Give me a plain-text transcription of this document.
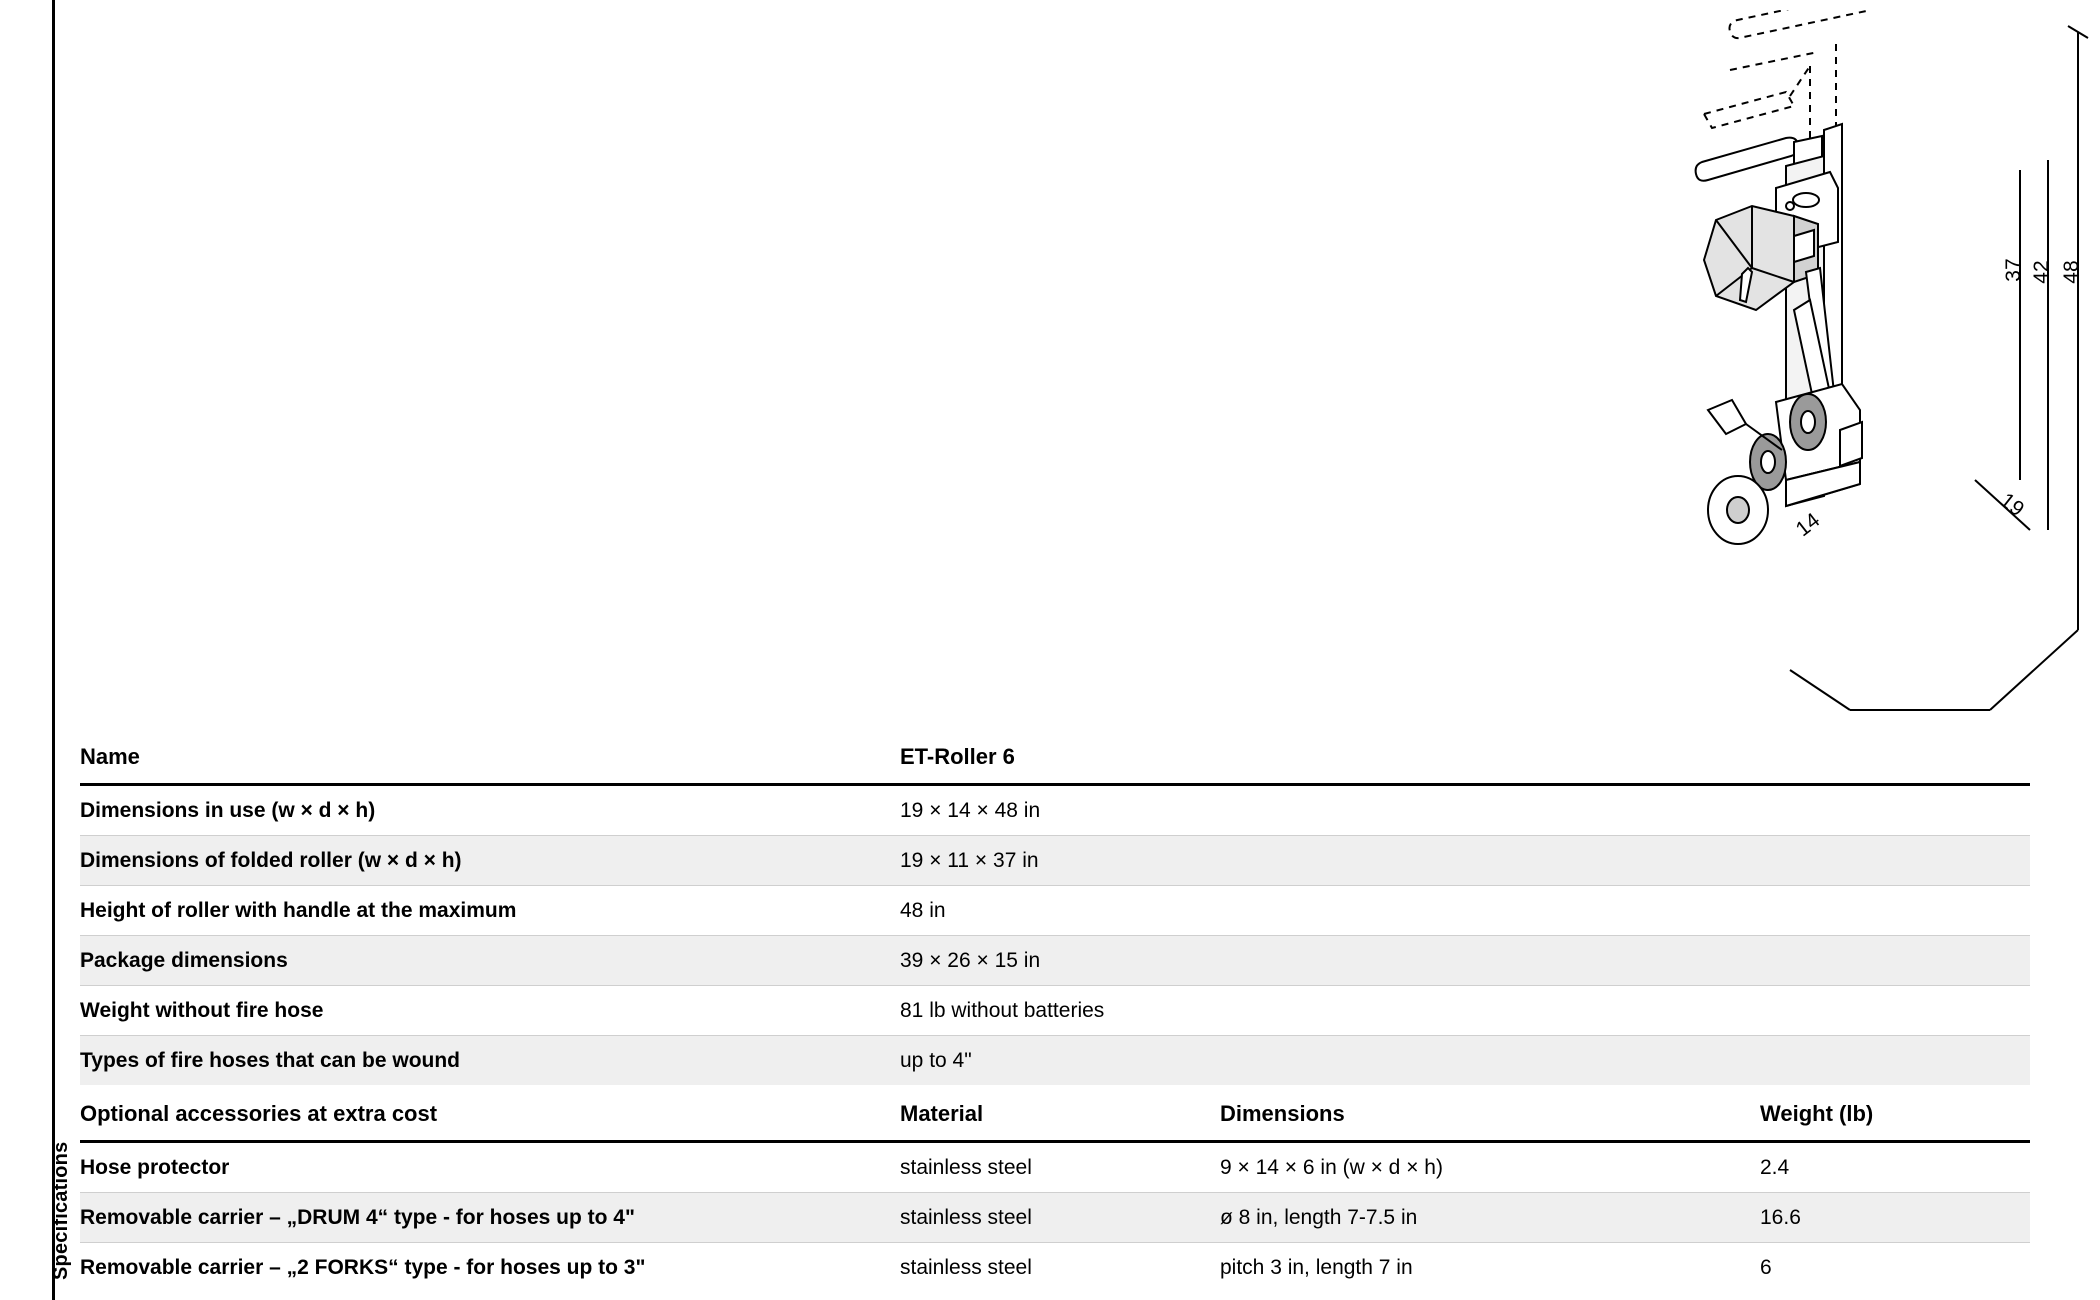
Specifications
37 42 48
19
14
Name	ET-Roller 6

Dimensions in use (w × d × h)	19 × 14 × 48 in

Dimensions of folded roller (w × d × h)	19 × 11 × 37 in

Height of roller with handle at the maximum	48 in

Package dimensions	39 × 26 × 15 in

Weight without fire hose	81 lb without batteries

Types of fire hoses that can be wound	up to 4"
Optional accessories at extra cost	Material	Dimensions	Weight (lb)

Hose protector	stainless steel	9 × 14 × 6 in (w × d × h)	2.4

Removable carrier – „DRUM 4“ type - for hoses up to 4"	stainless steel	ø 8 in, length 7-7.5 in	16.6

Removable carrier – „2 FORKS“ type - for hoses up to 3"	stainless steel	pitch 3 in, length 7 in	6
